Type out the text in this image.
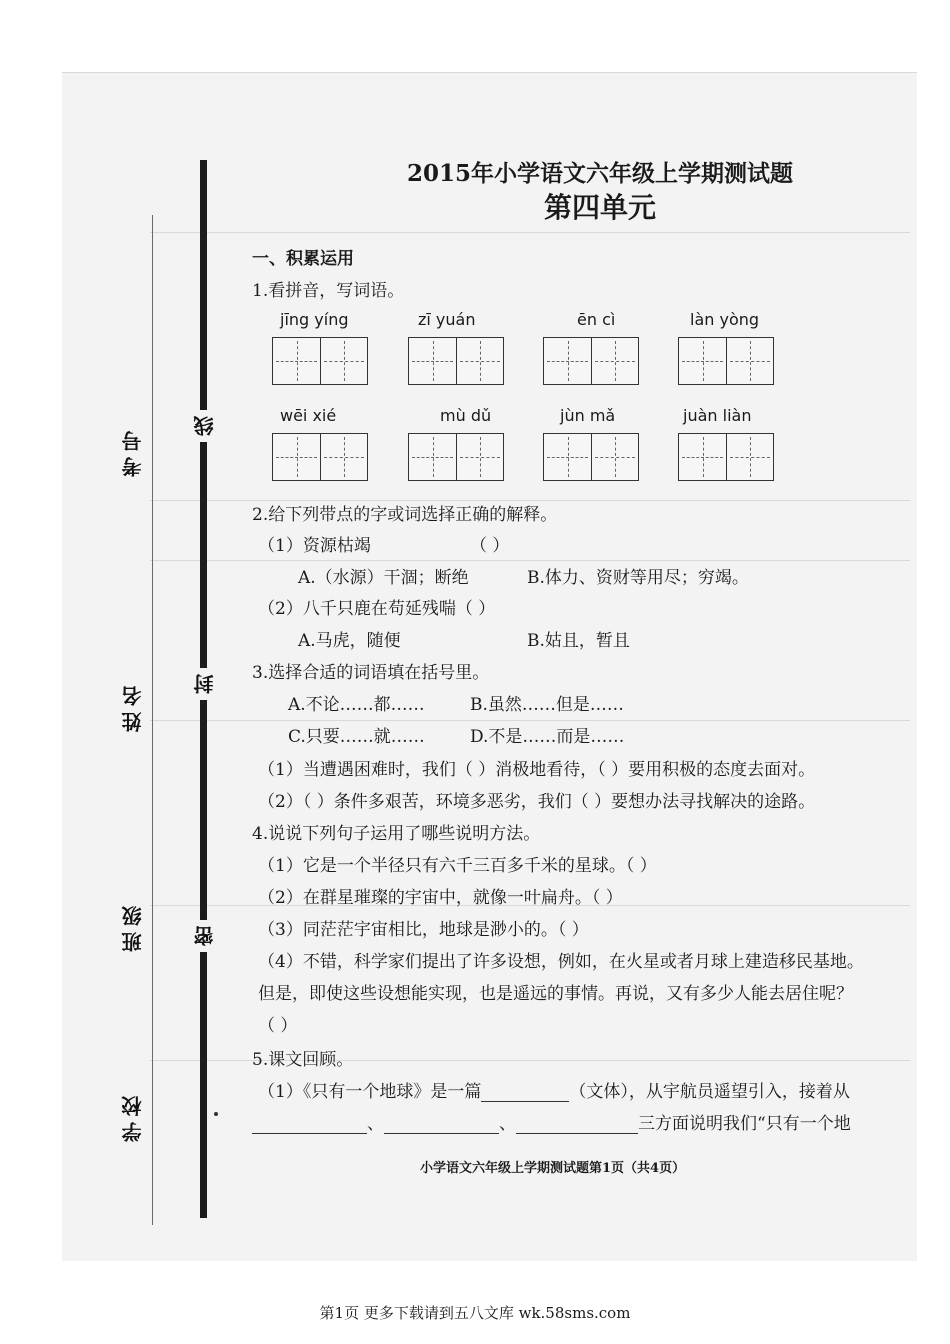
考号
姓名
班级
学校
线
封
密
2015年小学语文六年级上学期测试题
第四单元
一、积累运用
1.看拼音，写词语。
jīng yíng	zī yuán	ēn cì	làn yòng
wēi xié	mù dǔ	jùn mǎ	juàn liàn
2.给下列带点的字或词选择正确的解释。
（1）资源枯竭	（ ）
A.（水源）干涸；断绝	B.体力、资财等用尽；穷竭。
（2）八千只鹿在苟延残喘（ ）
A.马虎，随便	B.姑且，暂且
3.选择合适的词语填在括号里。
A.不论……都……	B.虽然……但是……
C.只要……就……	D.不是……而是……
（1）当遭遇困难时，我们（ ）消极地看待，（ ）要用积极的态度去面对。
（2）（ ）条件多艰苦，环境多恶劣，我们（ ）要想办法寻找解决的途路。
4.说说下列句子运用了哪些说明方法。
（1）它是一个半径只有六千三百多千米的星球。（ ）
（2）在群星璀璨的宇宙中，就像一叶扁舟。（ ）
（3）同茫茫宇宙相比，地球是渺小的。（ ）
（4）不错，科学家们提出了许多设想，例如，在火星或者月球上建造移民基地。
但是，即使这些设想能实现，也是遥远的事情。再说，又有多少人能去居住呢？
（ ）
5.课文回顾。
（1）《只有一个地球》是一篇	（文体），从宇航员遥望引入，接着从
、	、	三方面说明我们“只有一个地
小学语文六年级上学期测试题第1页（共4页）
第1页 更多下载请到五八文库 wk.58sms.com
